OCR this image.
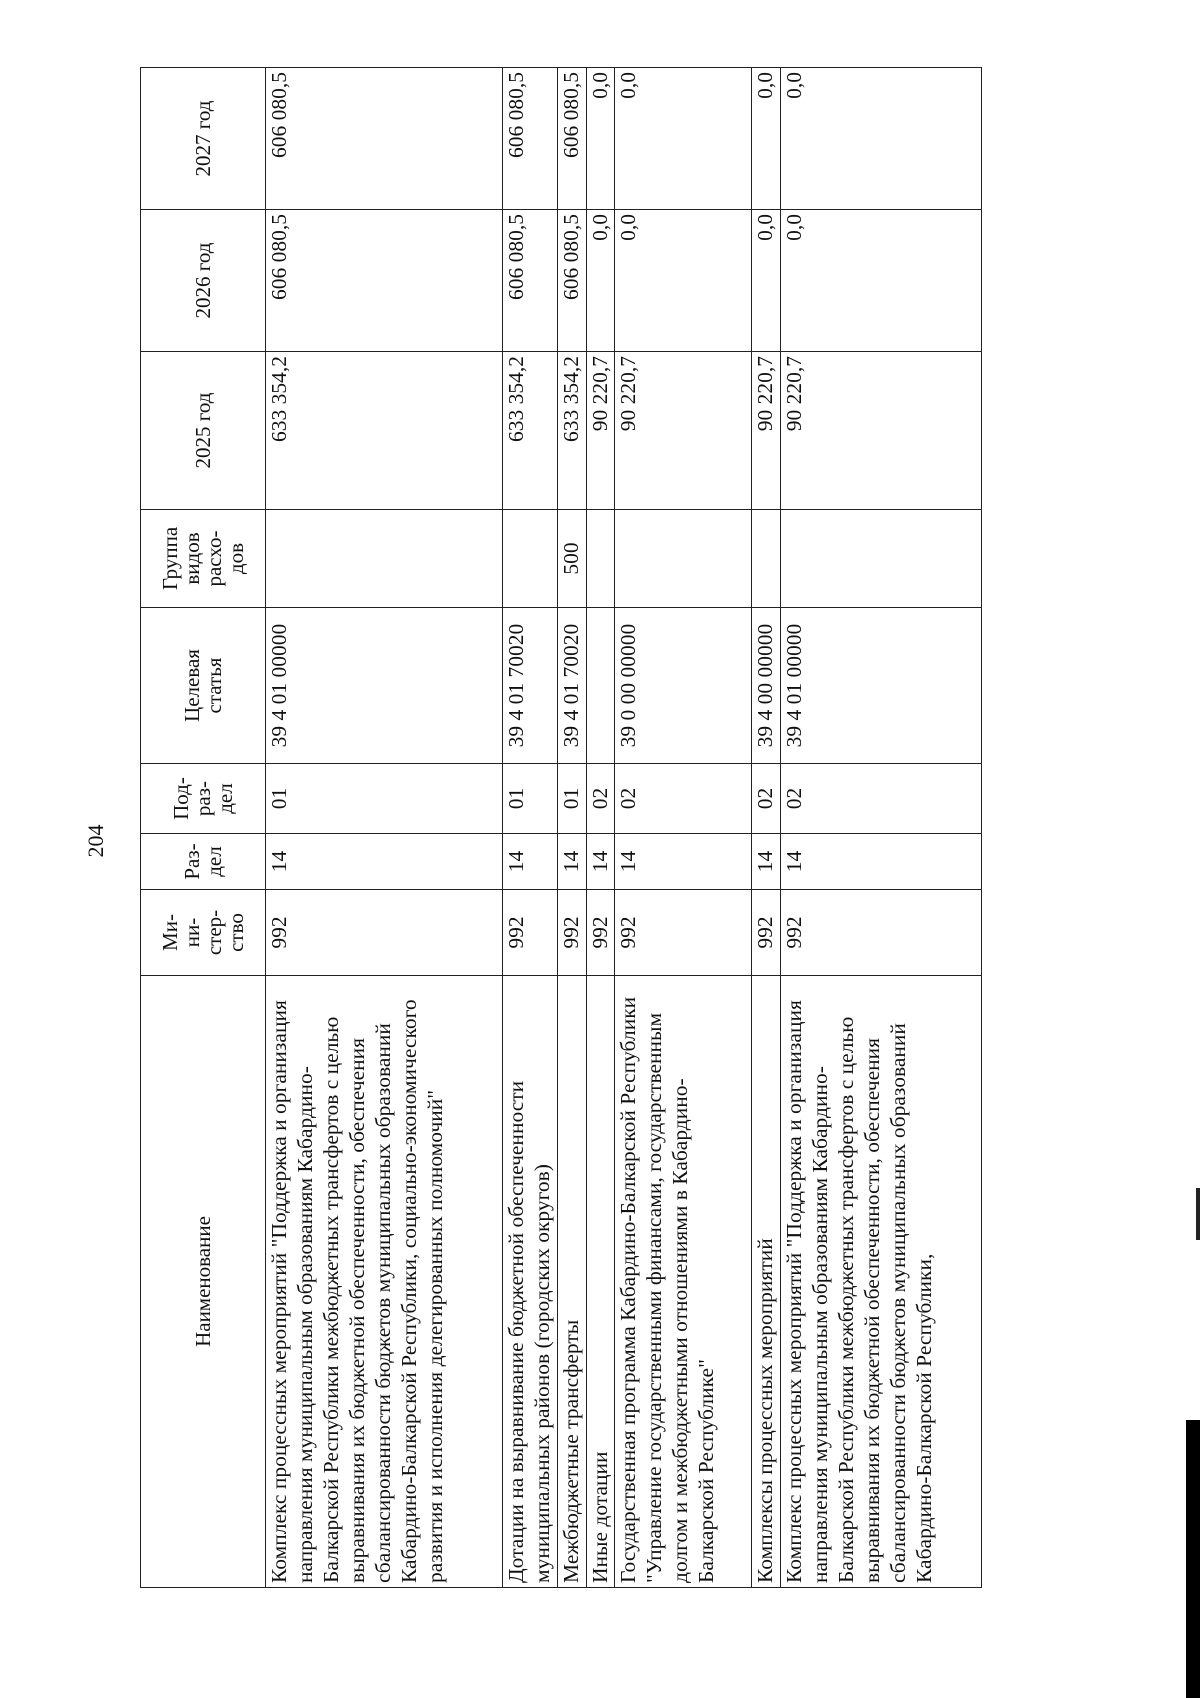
204
Наименование	Ми-
ни-
стер-
ство	Раз-
дел	Под-
раз-
дел	Целевая
статья	Группа
видов
расхо-
дов	2025 год	2026 год	2027 год
Комплекс процессных мероприятий "Поддержка и организация направления муниципальным образованиям Кабардино-Балкарской Республики межбюджетных трансфертов с целью выравнивания их бюджетной обеспеченности, обеспечения сбалансированности бюджетов муниципальных образований Кабардино-Балкарской Республики, социально-экономического развития и исполнения делегированных полномочий"	992	14	01	39 4 01 00000		633 354,2	606 080,5	606 080,5
Дотации на выравнивание бюджетной обеспеченности муниципальных районов (городских округов)	992	14	01	39 4 01 70020		633 354,2	606 080,5	606 080,5
Межбюджетные трансферты	992	14	01	39 4 01 70020	500	633 354,2	606 080,5	606 080,5
Иные дотации	992	14	02			90 220,7	0,0	0,0
Государственная программа Кабардино-Балкарской Республики "Управление государственными финансами, государственным долгом и межбюджетными отношениями в Кабардино-Балкарской Республике"	992	14	02	39 0 00 00000		90 220,7	0,0	0,0
Комплексы процессных мероприятий	992	14	02	39 4 00 00000		90 220,7	0,0	0,0
Комплекс процессных мероприятий "Поддержка и организация направления муниципальным образованиям Кабардино-Балкарской Республики межбюджетных трансфертов с целью выравнивания их бюджетной обеспеченности, обеспечения сбалансированности бюджетов муниципальных образований Кабардино-Балкарской Республики,	992	14	02	39 4 01 00000		90 220,7	0,0	0,0
